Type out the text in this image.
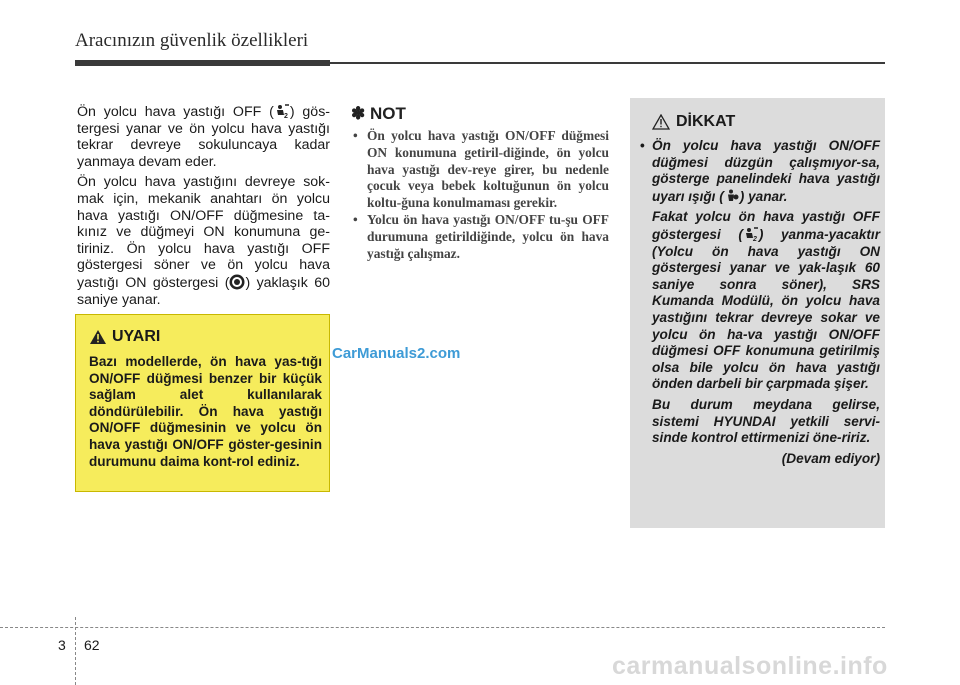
Aracınızın güvenlik özellikleri

Ön yolcu hava yastığı OFF ( 2 ) gös-tergesi yanar ve ön yolcu hava yastığı tekrar devreye sokuluncaya kadar yanmaya devam eder.

Ön yolcu hava yastığını devreye sok-mak için, mekanik anahtarı ön yolcu hava yastığı ON/OFF düğmesine ta-kınız ve düğmeyi ON konumuna ge-tiriniz. Ön yolcu hava yastığı OFF göstergesi söner ve ön yolcu hava yastığı ON göstergesi ( ) yaklaşık 60 saniye yanar.

UYARI
Bazı modellerde, ön hava yas-tığı ON/OFF düğmesi benzer bir küçük sağlam alet kullanılarak döndürülebilir. Ön hava yastığı ON/OFF düğmesinin ve yolcu ön hava yastığı ON/OFF göster-gesinin durumunu daima kont-rol ediniz.
CarManuals2.com
✽ NOT
• Ön yolcu hava yastığı ON/OFF düğmesi ON konumuna getiril-diğinde, ön yolcu hava yastığı dev-reye girer, bu nedenle çocuk veya bebek koltuğunun ön yolcu koltu-ğuna konulmaması gerekir.
• Yolcu ön hava yastığı ON/OFF tu-şu OFF durumuna getirildiğinde, yolcu ön hava yastığı çalışmaz.
DİKKAT

• Ön yolcu hava yastığı ON/OFF düğmesi düzgün çalışmıyor-sa, gösterge panelindeki hava yastığı uyarı ışığı ( ) yanar.

Fakat yolcu ön hava yastığı OFF göstergesi ( 2 ) yanma-yacaktır (Yolcu ön hava yastığı ON göstergesi yanar ve yak-laşık 60 saniye sonra söner), SRS Kumanda Modülü, ön yolcu hava yastığını tekrar devreye sokar ve yolcu ön ha-va yastığı ON/OFF düğmesi OFF konumuna getirilmiş olsa bile yolcu ön hava yastığı önden darbeli bir çarpmada şişer.

Bu durum meydana gelirse, sistemi HYUNDAI yetkili servi-sinde kontrol ettirmenizi öne-ririz.

(Devam ediyor)

3 62
carmanualsonline.info
